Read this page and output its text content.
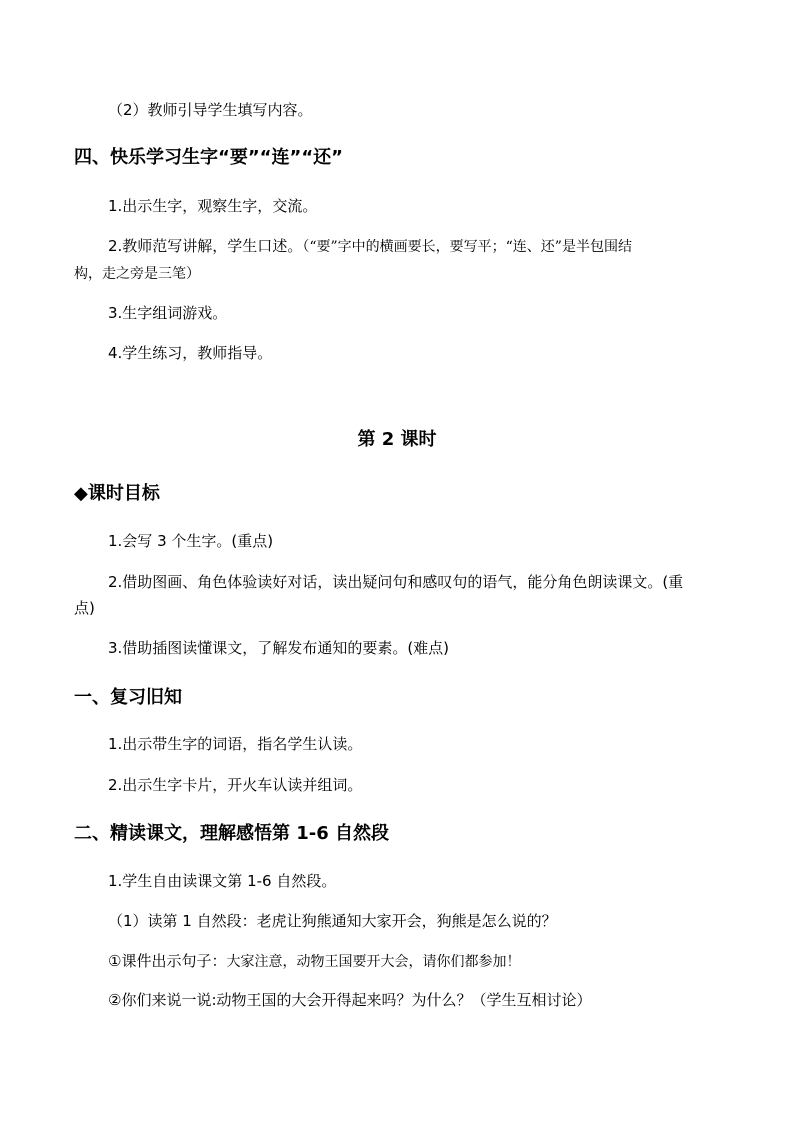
（2）教师引导学生填写内容。
四、快乐学习生字“要”“连”“还”
1.出示生字，观察生字，交流。
2.教师范写讲解，学生口述。（“要”字中的横画要长，要写平；“连、还”是半包围结
构，走之旁是三笔）
3.生字组词游戏。
4.学生练习，教师指导。
第 2 课时
◆课时目标
1.会写 3 个生字。(重点)
2.借助图画、角色体验读好对话，读出疑问句和感叹句的语气，能分角色朗读课文。(重
点)
3.借助插图读懂课文，了解发布通知的要素。(难点)
一、复习旧知
1.出示带生字的词语，指名学生认读。
2.出示生字卡片，开火车认读并组词。
二、精读课文，理解感悟第 1-6 自然段
1.学生自由读课文第 1-6 自然段。
（1）读第 1 自然段：老虎让狗熊通知大家开会，狗熊是怎么说的？
①课件出示句子：大家注意，动物王国要开大会，请你们都参加！
②你们来说一说:动物王国的大会开得起来吗？为什么？（学生互相讨论）
